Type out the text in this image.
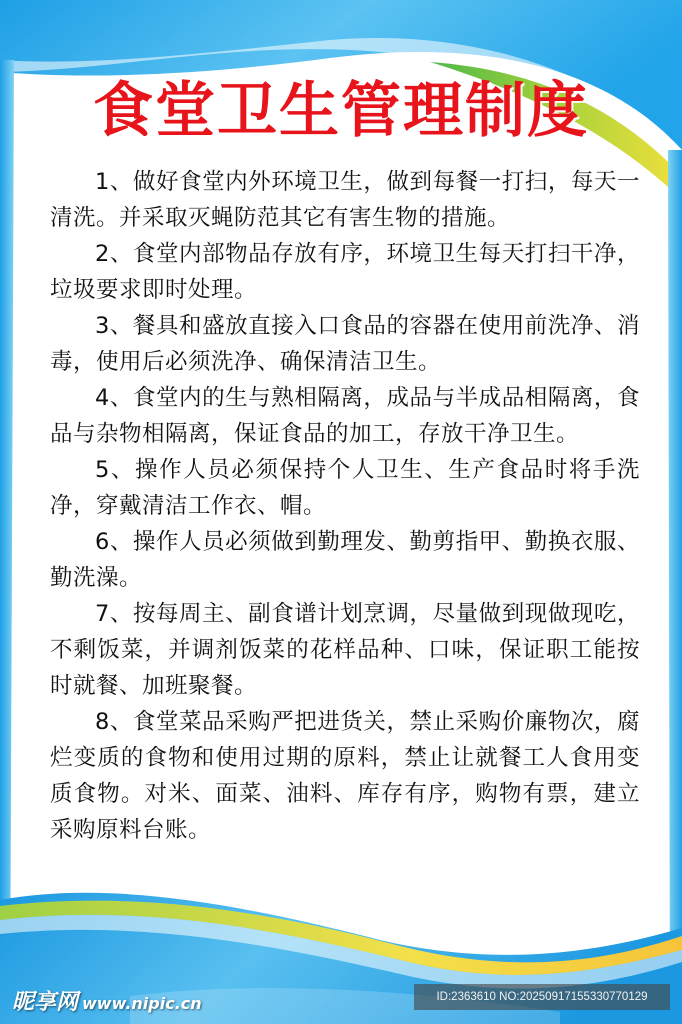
食堂卫生管理制度

1、做好食堂内外环境卫生，做到每餐一打扫，每天一清洗。并采取灭蝇防范其它有害生物的措施。

2、食堂内部物品存放有序，环境卫生每天打扫干净，垃圾要求即时处理。

3、餐具和盛放直接入口食品的容器在使用前洗净、消毒，使用后必须洗净、确保清洁卫生。

4、食堂内的生与熟相隔离，成品与半成品相隔离，食品与杂物相隔离，保证食品的加工，存放干净卫生。

5、操作人员必须保持个人卫生、生产食品时将手洗净，穿戴清洁工作衣、帽。

6、操作人员必须做到勤理发、勤剪指甲、勤换衣服、勤洗澡。

7、按每周主、副食谱计划烹调，尽量做到现做现吃，不剩饭菜，并调剂饭菜的花样品种、口味，保证职工能按时就餐、加班聚餐。

8、食堂菜品采购严把进货关，禁止采购价廉物次，腐烂变质的食物和使用过期的原料，禁止让就餐工人食用变质食物。对米、面菜、油料、库存有序，购物有票，建立采购原料台账。

昵享网 www.nipic.cn	ID:2363610 NO:20250917155330770129
